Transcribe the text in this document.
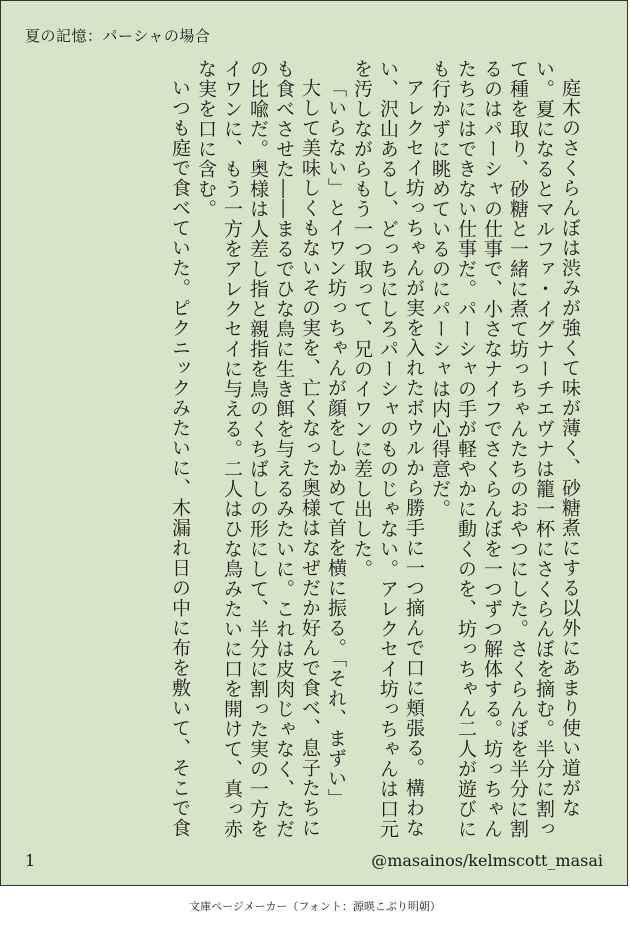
夏の記憶：パーシャの場合

庭木のさくらんぼは渋みが強くて味が薄く、砂糖煮にする以外にあまり使い道がない。夏になるとマルファ・イグナーチエヴナは籠一杯にさくらんぼを摘む。半分に割って種を取り、砂糖と一緒に煮て坊っちゃんたちのおやつにした。さくらんぼを半分に割るのはパーシャの仕事で、小さなナイフでさくらんぼを一つずつ解体する。坊っちゃんたちにはできない仕事だ。パーシャの手が軽やかに動くのを、坊っちゃん二人が遊びにも行かずに眺めているのにパーシャは内心得意だ。

アレクセイ坊っちゃんが実を入れたボウルから勝手に一つ摘んで口に頬張る。構わない、沢山あるし、どっちにしろパーシャのものじゃない。アレクセイ坊っちゃんは口元を汚しながらもう一つ取って、兄のイワンに差し出した。

「いらない」とイワン坊っちゃんが顔をしかめて首を横に振る。「それ、まずい」

大して美味しくもないその実を、亡くなった奥様はなぜだか好んで食べ、息子たちにも食べさせた――まるでひな鳥に生き餌を与えるみたいに。これは皮肉じゃなく、ただの比喩だ。奥様は人差し指と親指を鳥のくちばしの形にして、半分に割った実の一方をイワンに、もう一方をアレクセイに与える。二人はひな鳥みたいに口を開けて、真っ赤な実を口に含む。

いつも庭で食べていた。ピクニックみたいに、木漏れ日の中に布を敷いて、そこで食

1	@masainos/kelmscott_masai
文庫ページメーカー（フォント：源暎こぶり明朝）
